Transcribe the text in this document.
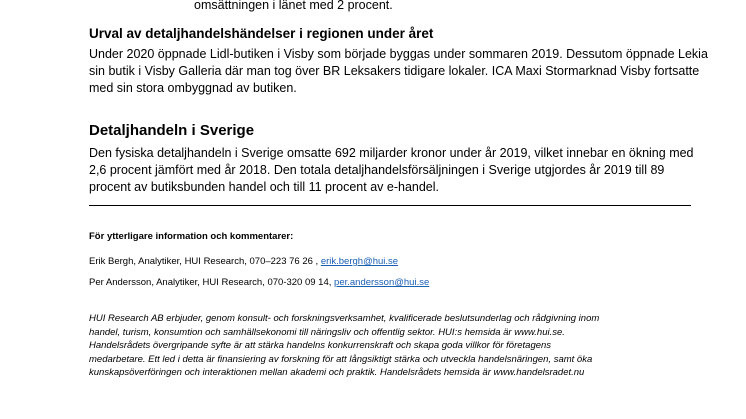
omsättningen i länet med 2 procent.
Urval av detaljhandelshändelser i regionen under året
Under 2020 öppnade Lidl-butiken i Visby som började byggas under sommaren 2019. Dessutom öppnade Lekia
sin butik i Visby Galleria där man tog över BR Leksakers tidigare lokaler. ICA Maxi Stormarknad Visby fortsatte
med sin stora ombyggnad av butiken.
Detaljhandeln i Sverige
Den fysiska detaljhandeln i Sverige omsatte 692 miljarder kronor under år 2019, vilket innebar en ökning med
2,6 procent jämfört med år 2018. Den totala detaljhandelsförsäljningen i Sverige utgjordes år 2019 till 89
procent av butiksbunden handel och till 11 procent av e-handel.
För ytterligare information och kommentarer:
Erik Bergh, Analytiker, HUI Research, 070–223 76 26 , erik.bergh@hui.se
Per Andersson, Analytiker, HUI Research, 070-320 09 14, per.andersson@hui.se
HUI Research AB erbjuder, genom konsult- och forskningsverksamhet, kvalificerade beslutsunderlag och rådgivning inom
handel, turism, konsumtion och samhällsekonomi till näringsliv och offentlig sektor. HUI:s hemsida är www.hui.se.
Handelsrådets övergripande syfte är att stärka handelns konkurrenskraft och skapa goda villkor för företagens
medarbetare. Ett led i detta är finansiering av forskning för att långsiktigt stärka och utveckla handelsnäringen, samt öka
kunskapsöverföringen och interaktionen mellan akademi och praktik. Handelsrådets hemsida är www.handelsradet.nu
